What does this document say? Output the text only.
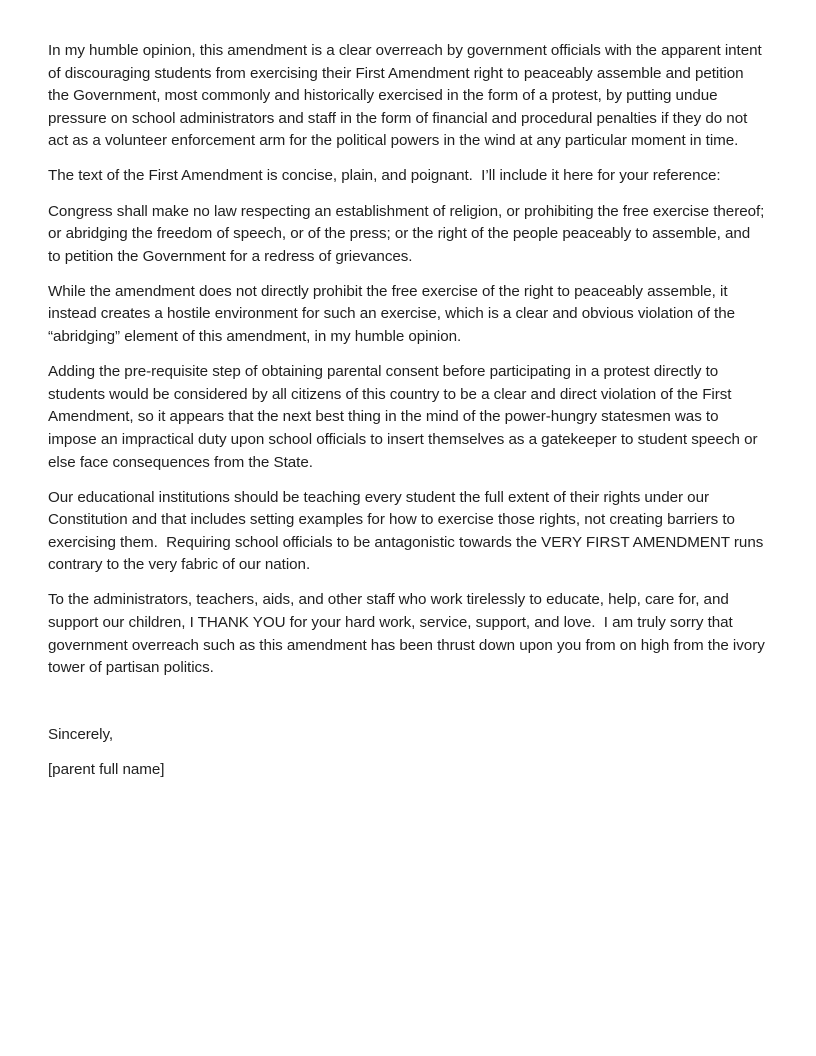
In my humble opinion, this amendment is a clear overreach by government officials with the apparent intent of discouraging students from exercising their First Amendment right to peaceably assemble and petition the Government, most commonly and historically exercised in the form of a protest, by putting undue pressure on school administrators and staff in the form of financial and procedural penalties if they do not act as a volunteer enforcement arm for the political powers in the wind at any particular moment in time.

The text of the First Amendment is concise, plain, and poignant.  I’ll include it here for your reference:

Congress shall make no law respecting an establishment of religion, or prohibiting the free exercise thereof; or abridging the freedom of speech, or of the press; or the right of the people peaceably to assemble, and to petition the Government for a redress of grievances.

While the amendment does not directly prohibit the free exercise of the right to peaceably assemble, it instead creates a hostile environment for such an exercise, which is a clear and obvious violation of the “abridging” element of this amendment, in my humble opinion.

Adding the pre-requisite step of obtaining parental consent before participating in a protest directly to students would be considered by all citizens of this country to be a clear and direct violation of the First Amendment, so it appears that the next best thing in the mind of the power-hungry statesmen was to impose an impractical duty upon school officials to insert themselves as a gatekeeper to student speech or else face consequences from the State.

Our educational institutions should be teaching every student the full extent of their rights under our Constitution and that includes setting examples for how to exercise those rights, not creating barriers to exercising them.  Requiring school officials to be antagonistic towards the VERY FIRST AMENDMENT runs contrary to the very fabric of our nation.

To the administrators, teachers, aids, and other staff who work tirelessly to educate, help, care for, and support our children, I THANK YOU for your hard work, service, support, and love.  I am truly sorry that government overreach such as this amendment has been thrust down upon you from on high from the ivory tower of partisan politics.

Sincerely,

[parent full name]
